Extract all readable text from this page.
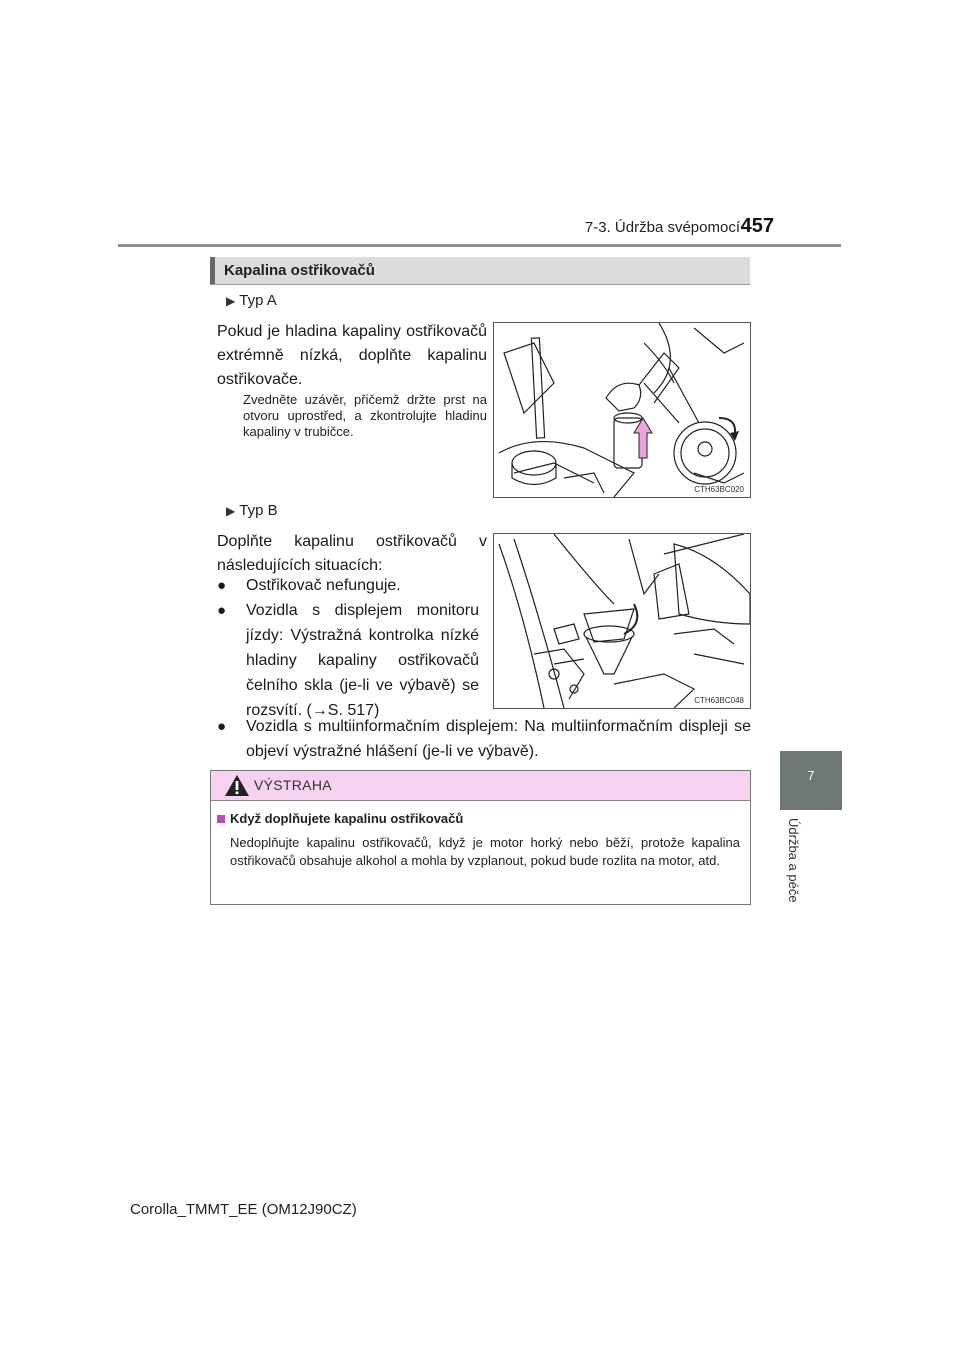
7-3. Údržba svépomocí 457
7
Údržba a péče
Kapalina ostřikovačů
▶ Typ A
Pokud je hladina kapaliny ostřikovačů extrémně nízká, doplňte kapalinu ostřikovače.
Zvedněte uzávěr, přičemž držte prst na otvoru uprostřed, a zkontrolujte hladinu kapaliny v trubičce.
CTH63BC020
▶ Typ B
Doplňte kapalinu ostřikovačů v následujících situacích:
● Ostřikovač nefunguje.
● Vozidla s displejem monitoru jízdy: Výstražná kontrolka nízké hladiny kapaliny ostřikovačů čelního skla (je-li ve výbavě) se rozsvítí. (→S. 517)
● Vozidla s multiinformačním displejem: Na multiinformačním displeji se objeví výstražné hlášení (je-li ve výbavě).
CTH63BC048
VÝSTRAHA
Když doplňujete kapalinu ostřikovačů
Nedoplňujte kapalinu ostřikovačů, když je motor horký nebo běží, protože kapalina ostřikovačů obsahuje alkohol a mohla by vzplanout, pokud bude rozlita na motor, atd.
Corolla_TMMT_EE (OM12J90CZ)
